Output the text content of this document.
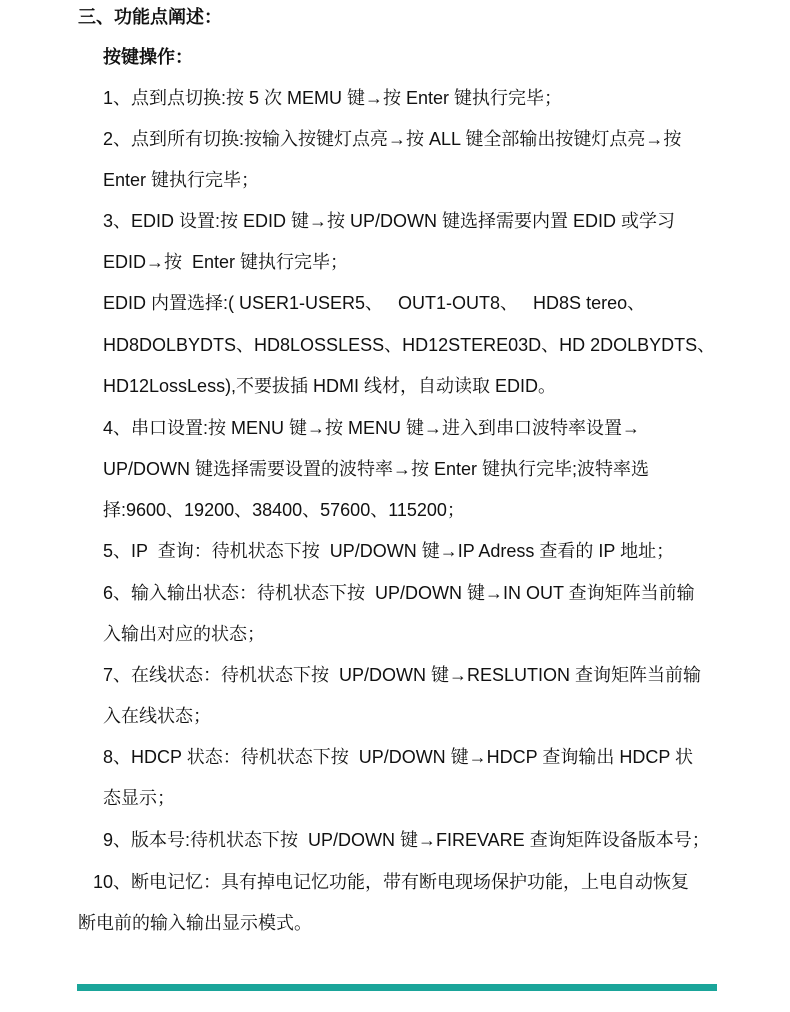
三、功能点阐述：
按键操作：
1、点到点切换:按 5 次 MEMU 键→按 Enter 键执行完毕；
2、点到所有切换:按输入按键灯点亮→按 ALL 键全部输出按键灯点亮→按
Enter 键执行完毕；
3、EDID 设置:按 EDID 键→按 UP/DOWN 键选择需要内置 EDID 或学习
EDID→按  Enter 键执行完毕；
EDID 内置选择:( USER1-USER5、   OUT1-OUT8、   HD8S tereo、
HD8DOLBYDTS、HD8LOSSLESS、HD12STERE03D、HD 2DOLBYDTS、
HD12LossLess),不要拔插 HDMI 线材，自动读取 EDID。
4、串口设置:按 MENU 键→按 MENU 键→进入到串口波特率设置→
UP/DOWN 键选择需要设置的波特率→按 Enter 键执行完毕;波特率选
择:9600、19200、38400、57600、115200；
5、IP  查询：待机状态下按  UP/DOWN 键→IP Adress 查看的 IP 地址；
6、输入输出状态：待机状态下按  UP/DOWN 键→IN OUT 查询矩阵当前输
入输出对应的状态；
7、在线状态：待机状态下按  UP/DOWN 键→RESLUTION 查询矩阵当前输
入在线状态；
8、HDCP 状态：待机状态下按  UP/DOWN 键→HDCP 查询输出 HDCP 状
态显示；
9、版本号:待机状态下按  UP/DOWN 键→FIREVARE 查询矩阵设备版本号；
10、断电记忆：具有掉电记忆功能，带有断电现场保护功能，上电自动恢复
断电前的输入输出显示模式。
